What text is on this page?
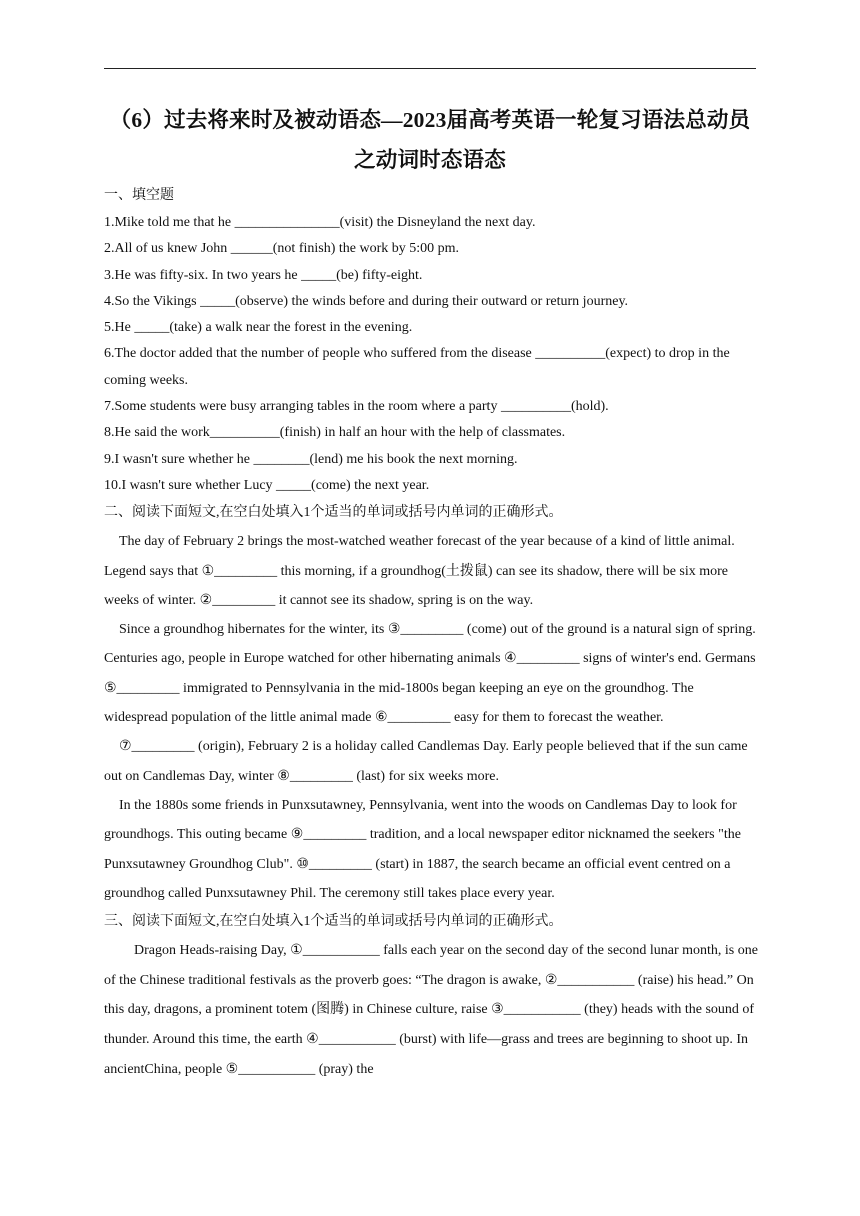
（6）过去将来时及被动语态—2023届高考英语一轮复习语法总动员
之动词时态语态
一、填空题
1.Mike told me that he _______________(visit) the Disneyland the next day.
2.All of us knew John ______(not finish) the work by 5:00 pm.
3.He was fifty-six. In two years he _____(be) fifty-eight.
4.So the Vikings _____(observe) the winds before and during their outward or return journey.
5.He _____(take) a walk near the forest in the evening.
6.The doctor added that the number of people who suffered from the disease __________(expect) to drop in the coming weeks.
7.Some students were busy arranging tables in the room where a party __________(hold).
8.He said the work__________(finish) in half an hour with the help of classmates.
9.I wasn't sure whether he ________(lend) me his book the next morning.
10.I wasn't sure whether Lucy _____(come) the next year.
二、阅读下面短文,在空白处填入1个适当的单词或括号内单词的正确形式。

The day of February 2 brings the most-watched weather forecast of the year because of a kind of little animal. Legend says that ①_________ this morning, if a groundhog(土拨鼠) can see its shadow, there will be six more weeks of winter. ②_________ it cannot see its shadow, spring is on the way.

Since a groundhog hibernates for the winter, its ③_________ (come) out of the ground is a natural sign of spring. Centuries ago, people in Europe watched for other hibernating animals ④_________ signs of winter's end. Germans ⑤_________ immigrated to Pennsylvania in the mid-1800s began keeping an eye on the groundhog. The widespread population of the little animal made ⑥_________ easy for them to forecast the weather.

⑦_________ (origin), February 2 is a holiday called Candlemas Day. Early people believed that if the sun came out on Candlemas Day, winter ⑧_________ (last) for six weeks more.

In the 1880s some friends in Punxsutawney, Pennsylvania, went into the woods on Candlemas Day to look for groundhogs. This outing became ⑨_________ tradition, and a local newspaper editor nicknamed the seekers "the Punxsutawney Groundhog Club". ⑩_________ (start) in 1887, the search became an official event centred on a groundhog called Punxsutawney Phil. The ceremony still takes place every year.

三、阅读下面短文,在空白处填入1个适当的单词或括号内单词的正确形式。

Dragon Heads-raising Day, ①___________ falls each year on the second day of the second lunar month, is one of the Chinese traditional festivals as the proverb goes: “The dragon is awake, ②___________ (raise) his head.” On this day, dragons, a prominent totem (图腾) in Chinese culture, raise ③___________ (they) heads with the sound of thunder. Around this time, the earth ④___________ (burst) with life—grass and trees are beginning to shoot up. In ancientChina, people ⑤___________ (pray) the
